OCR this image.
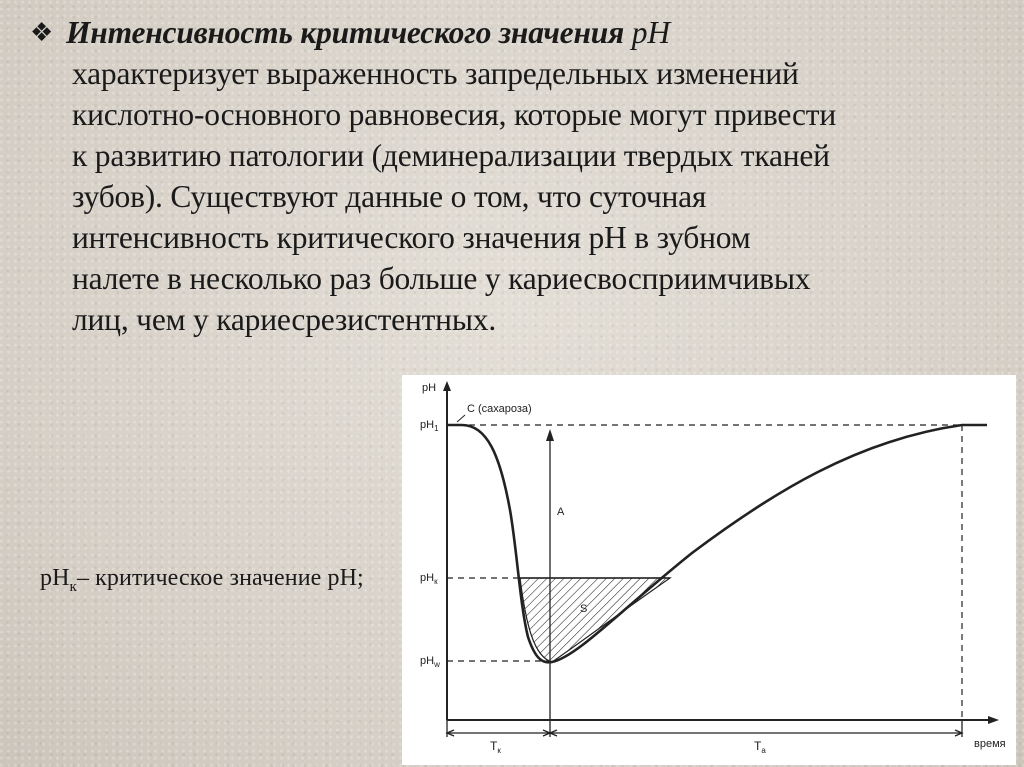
❖ Интенсивность критического значения pH
характеризует выраженность запредельных изменений
кислотно-основного равновесия, которые могут привести
к развитию патологии (деминерализации твердых тканей
зубов). Существуют данные о том, что суточная
интенсивность критического значения рН в зубном
налете в несколько раз больше у кариесвосприимчивых
лиц, чем у кариесрезистентных.
$рН_к-$ критическое значение рН;
pH
$pH_1$
$pH_к$
$pH_w$
С (сахароза)
А
S
$T_к$	$T_a$
время
